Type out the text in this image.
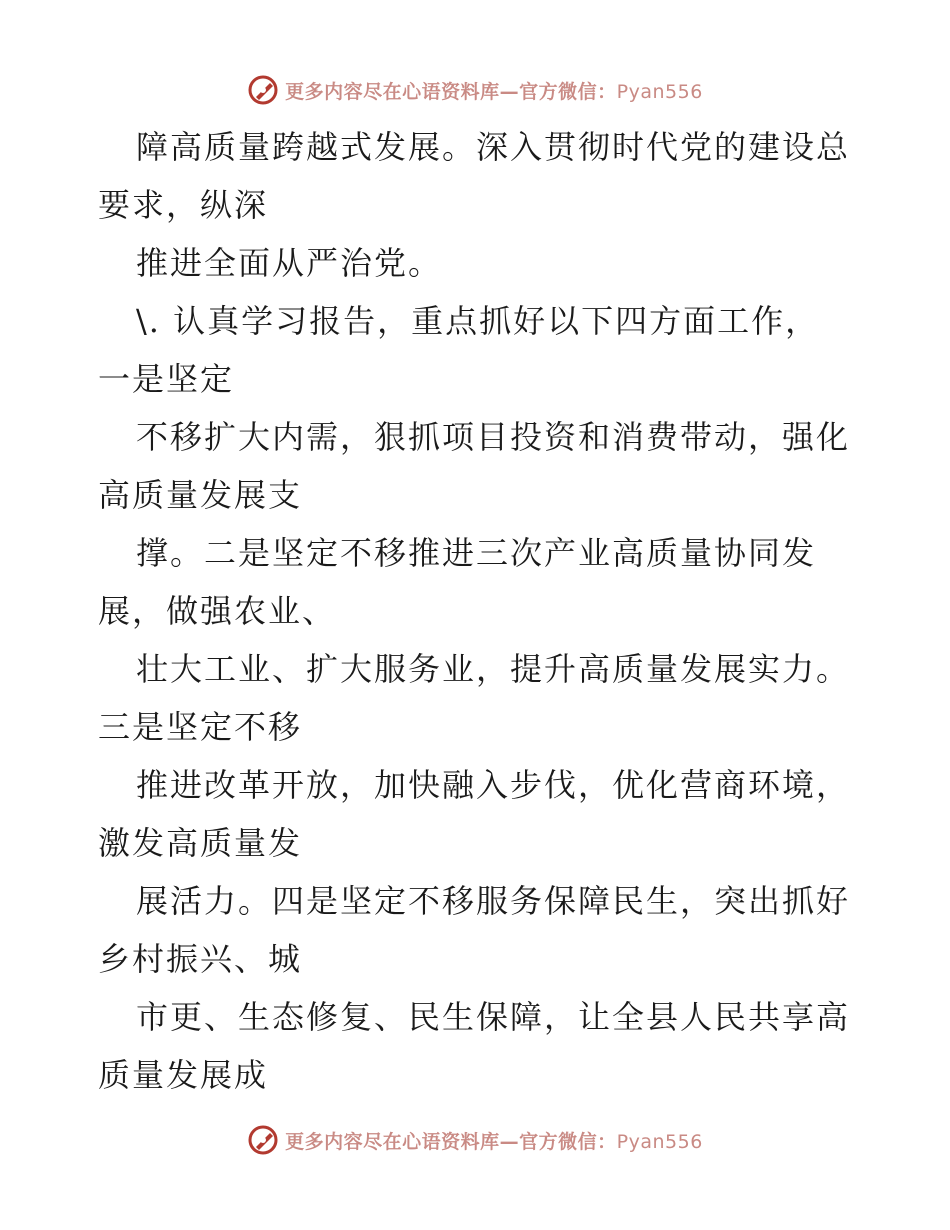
更多内容尽在心语资料库—官方微信：Pyan556
障高质量跨越式发展。深入贯彻时代党的建设总
要求，纵深
推进全面从严治党。
\. 认真学习报告，重点抓好以下四方面工作，
一是坚定
不移扩大内需，狠抓项目投资和消费带动，强化
高质量发展支
撑。二是坚定不移推进三次产业高质量协同发
展，做强农业、
壮大工业、扩大服务业，提升高质量发展实力。
三是坚定不移
推进改革开放，加快融入步伐，优化营商环境，
激发高质量发
展活力。四是坚定不移服务保障民生，突出抓好
乡村振兴、城
市更、生态修复、民生保障，让全县人民共享高
质量发展成
更多内容尽在心语资料库—官方微信：Pyan556
